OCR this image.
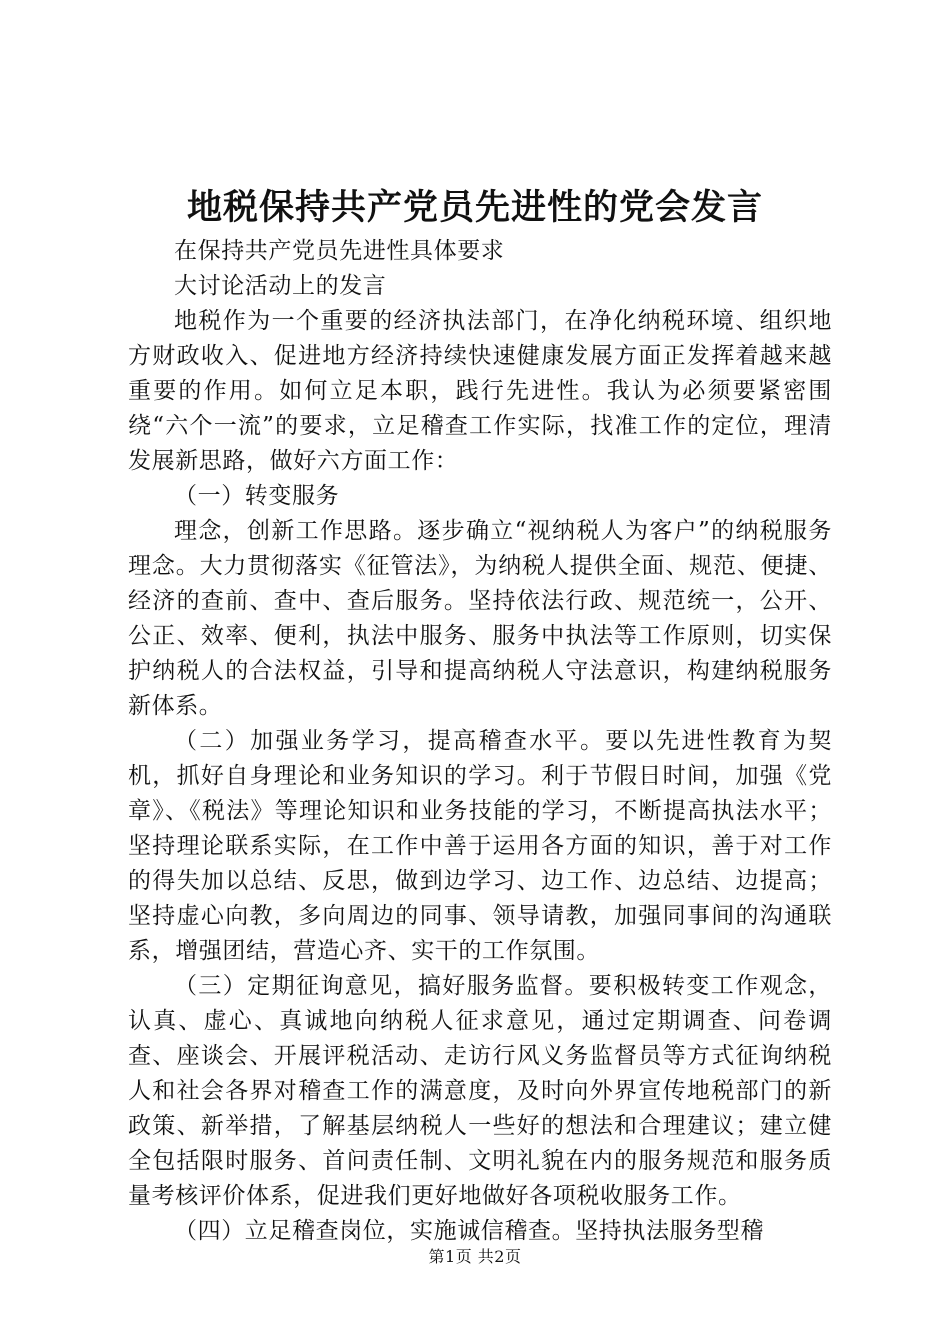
地税保持共产党员先进性的党会发言

在保持共产党员先进性具体要求

大讨论活动上的发言

地税作为一个重要的经济执法部门，在净化纳税环境、组织地方财政收入、促进地方经济持续快速健康发展方面正发挥着越来越重要的作用。如何立足本职，践行先进性。我认为必须要紧密围绕“六个一流”的要求，立足稽查工作实际，找准工作的定位，理清发展新思路，做好六方面工作：

（一）转变服务

理念，创新工作思路。逐步确立“视纳税人为客户”的纳税服务理念。大力贯彻落实《征管法》，为纳税人提供全面、规范、便捷、经济的查前、查中、查后服务。坚持依法行政、规范统一，公开、公正、效率、便利，执法中服务、服务中执法等工作原则，切实保护纳税人的合法权益，引导和提高纳税人守法意识，构建纳税服务新体系。

（二）加强业务学习，提高稽查水平。要以先进性教育为契机，抓好自身理论和业务知识的学习。利于节假日时间，加强《党章》、《税法》等理论知识和业务技能的学习，不断提高执法水平；坚持理论联系实际，在工作中善于运用各方面的知识，善于对工作的得失加以总结、反思，做到边学习、边工作、边总结、边提高；坚持虚心向教，多向周边的同事、领导请教，加强同事间的沟通联系，增强团结，营造心齐、实干的工作氛围。

（三）定期征询意见，搞好服务监督。要积极转变工作观念，认真、虚心、真诚地向纳税人征求意见，通过定期调查、问卷调查、座谈会、开展评税活动、走访行风义务监督员等方式征询纳税人和社会各界对稽查工作的满意度，及时向外界宣传地税部门的新政策、新举措，了解基层纳税人一些好的想法和合理建议；建立健全包括限时服务、首问责任制、文明礼貌在内的服务规范和服务质量考核评价体系，促进我们更好地做好各项税收服务工作。

（四）立足稽查岗位，实施诚信稽查。坚持执法服务型稽

第1页 共2页
